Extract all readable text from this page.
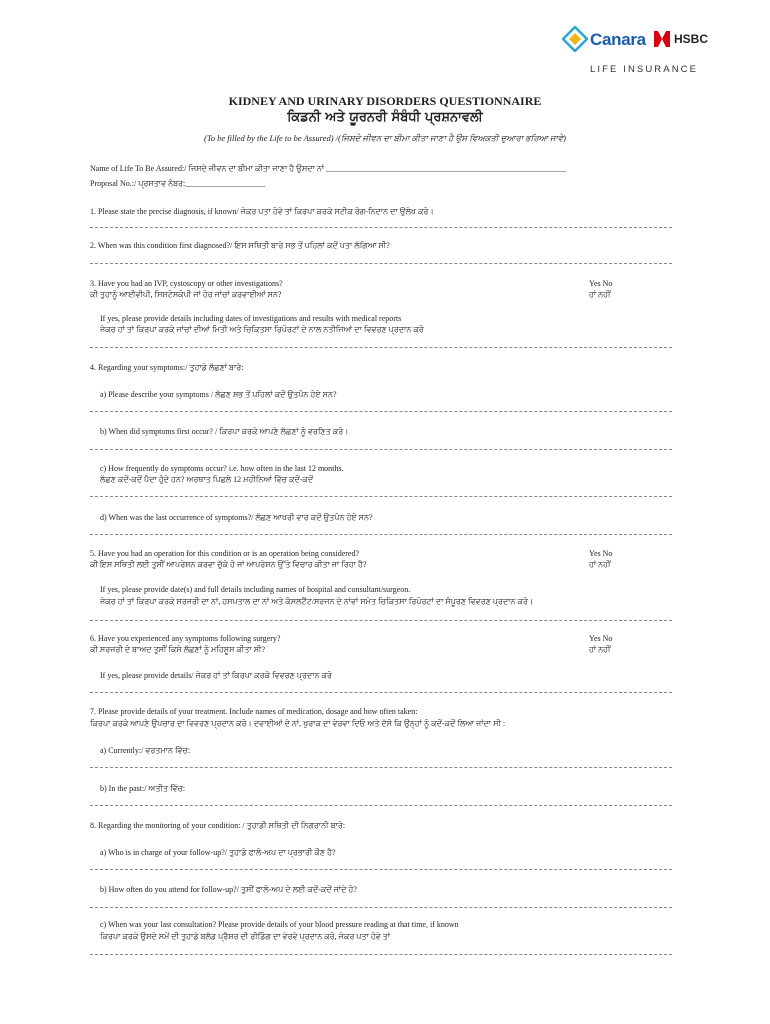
Canara HSBC
LIFE INSURANCE
KIDNEY AND URINARY DISORDERS QUESTIONNAIRE
ਕਿਡਨੀ ਅਤੇ ਯੂਰਨਰੀ ਸੰਬੰਧੀ ਪ੍ਰਸ਼ਨਾਵਲੀ
(To be filled by the Life to be Assured) /(ਜਿਸਦੇ ਜੀਵਨ ਦਾ ਬੀਮਾ ਕੀਤਾ ਜਾਣਾ ਹੈ ਉਸ ਵਿਅਕਤੀ ਦੁਆਰਾ ਭਰਿਆ ਜਾਵੇ)
Name of Life To Be Assured:/ ਜਿਸਦੇ ਜੀਵਨ ਦਾ ਬੀਮਾ ਕੀਤਾ ਜਾਣਾ ਹੈ ਉਸਦਾ ਨਾਂ ____________________________________________________________
Proposal No.:/ ਪ੍ਰਸਤਾਵ ਨੰਬਰ:____________________
1. Please state the precise diagnosis, if known/ ਜੇਕਰ ਪਤਾ ਹੋਵੇ ਤਾਂ ਕਿਰਪਾ ਕਰਕੇ ਸਟੀਕ ਰੋਗ-ਨਿਦਾਨ ਦਾ ਉਲੇਖ ਕਰੋ।
2. When was this condition first diagnosed?/ ਇਸ ਸਥਿਤੀ ਬਾਰੇ ਸਭ ਤੋਂ ਪਹਿਲਾਂ ਕਦੋਂ ਪਤਾ ਲੱਗਿਆ ਸੀ?
3. Have you had an IVP, cystoscopy or other investigations?
ਕੀ ਤੁਹਾਨੂੰ ਆਈਵੀਪੀ, ਸਿਸਟੋਸਕੋਪੀ ਜਾਂ ਹੋਰ ਜਾਂਚਾਂ ਕਰਵਾਈਆਂ ਸਨ?
Yes No
ਹਾਂ ਨਹੀਂ
If yes, please provide details including dates of investigations and results with medical reports
ਜੇਕਰ ਹਾਂ ਤਾਂ ਕਿਰਪਾ ਕਰਕੇ ਜਾਂਚਾਂ ਦੀਆਂ ਮਿਤੀ ਅਤੇ ਚਿਕਿਤਸਾ ਰਿਪੋਰਟਾਂ ਦੇ ਨਾਲ ਨਤੀਜਿਆਂ ਦਾ ਵਿਵਰਣ ਪ੍ਰਦਾਨ ਕਰੋ
4. Regarding your symptoms:/ ਤੁਹਾਡੇ ਲੱਛਣਾਂ ਬਾਰੇ:
a) Please describe your symptoms / ਲੱਛਣ ਸਭ ਤੋਂ ਪਹਿਲਾਂ ਕਦੋਂ ਉਤਪੰਨ ਹੋਏ ਸਨ?
b) When did symptoms first occur? / ਕਿਰਪਾ ਕਰਕੇ ਆਪਣੇ ਲੱਛਣਾਂ ਨੂੰ ਵਰਣਿਤ ਕਰੋ।
c) How frequently do symptoms occur? i.e. how often in the last 12 months.
ਲੱਛਣ ਕਦੋਂ-ਕਦੋਂ ਪੈਦਾ ਹੁੰਦੇ ਹਨ? ਅਰਥਾਤ ਪਿਛਲੇ 12 ਮਹੀਨਿਆਂ ਵਿੱਚ ਕਦੋਂ-ਕਦੋਂ
d) When was the last occurrence of symptoms?/ ਲੱਛਣ ਆਖਰੀ ਵਾਰ ਕਦੋਂ ਉਤਪੰਨ ਹੋਏ ਸਨ?
5. Have you had an operation for this condition or is an operation being considered?
ਕੀ ਇਸ ਸਥਿਤੀ ਲਈ ਤੁਸੀਂ ਆਪਰੇਸ਼ਨ ਕਰਵਾ ਚੁੱਕੇ ਹੋ ਜਾਂ ਆਪਰੇਸ਼ਨ ਉੱਤੇ ਵਿਚਾਰ ਕੀਤਾ ਜਾ ਰਿਹਾ ਹੈ?
Yes No
ਹਾਂ ਨਹੀਂ
If yes, please provide date(s) and full details including names of hospital and consultant/surgeon.
ਜੇਕਰ ਹਾਂ ਤਾਂ ਕਿਰਪਾ ਕਰਕੇ ਸਰਜਰੀ ਦਾ ਨਾਂ, ਹਸਪਤਾਲ ਦਾ ਨਾਂ ਅਤੇ ਕੰਸਲਟੈਂਟ/ਸਰਜਨ ਦੇ ਨਾਂਵਾਂ ਸਮੇਤ ਚਿਕਿਤਸਾ ਰਿਪੋਰਟਾਂ ਦਾ ਸੰਪੂਰਣ ਵਿਵਰਣ ਪ੍ਰਦਾਨ ਕਰੋ।
6. Have you experienced any symptoms following surgery?
ਕੀ ਸਰਜਰੀ ਦੇ ਬਾਅਦ ਤੁਸੀਂ ਕਿਸੇ ਲੱਛਣਾਂ ਨੂੰ ਮਹਿਸੂਸ ਕੀਤਾ ਸੀ?
Yes No
ਹਾਂ ਨਹੀਂ
If yes, please provide details/ ਜੇਕਰ ਹਾਂ ਤਾਂ ਕਿਰਪਾ ਕਰਕੇ ਵਿਵਰਣ ਪ੍ਰਦਾਨ ਕਰੋ
7. Please provide details of your treatment. Include names of medication, dosage and how often taken:
ਕਿਰਪਾ ਕਰਕੇ ਆਪਣੇ ਉਪਚਾਰ ਦਾ ਵਿਵਰਣ ਪ੍ਰਦਾਨ ਕਰੋ। ਦਵਾਈਆਂ ਦੇ ਨਾਂ, ਖੁਰਾਕ ਦਾ ਵੇਰਵਾ ਦਿਓ ਅਤੇ ਦੱਸੋ ਕਿ ਉਨ੍ਹਾਂ ਨੂੰ ਕਦੋਂ-ਕਦੋਂ ਲਿਆ ਜਾਂਦਾ ਸੀ :
a) Currently:/ ਵਰਤਮਾਨ ਵਿੱਚ:
b) In the past:/ ਅਤੀਤ ਵਿੱਚ:
8. Regarding the monitoring of your condition: / ਤੁਹਾਡੀ ਸਥਿਤੀ ਦੀ ਨਿਗਰਾਨੀ ਬਾਰੇ:
a) Who is in charge of your follow-up?/ ਤੁਹਾਡੇ ਫਾਲੋ-ਅਪ ਦਾ ਪ੍ਰਭਾਰੀ ਕੌਣ ਹੈ?
b) How often do you attend for follow-up?/ ਤੁਸੀਂ ਫਾਲੋ-ਅਪ ਦੇ ਲਈ ਕਦੋਂ-ਕਦੋਂ ਜਾਂਦੇ ਹੋ?
c) When was your last consultation? Please provide details of your blood pressure reading at that time, if known
ਕਿਰਪਾ ਕਰਕੇ ਉਸਦੇ ਸਮੇਂ ਦੀ ਤੁਹਾਡੇ ਬਲੱਡ ਪ੍ਰੈਸ਼ਰ ਦੀ ਰੀਡਿੰਗ ਦਾ ਵੇਰਵੇ ਪ੍ਰਦਾਨ ਕਰੋ, ਜੇਕਰ ਪਤਾ ਹੋਵੇ ਤਾਂ
